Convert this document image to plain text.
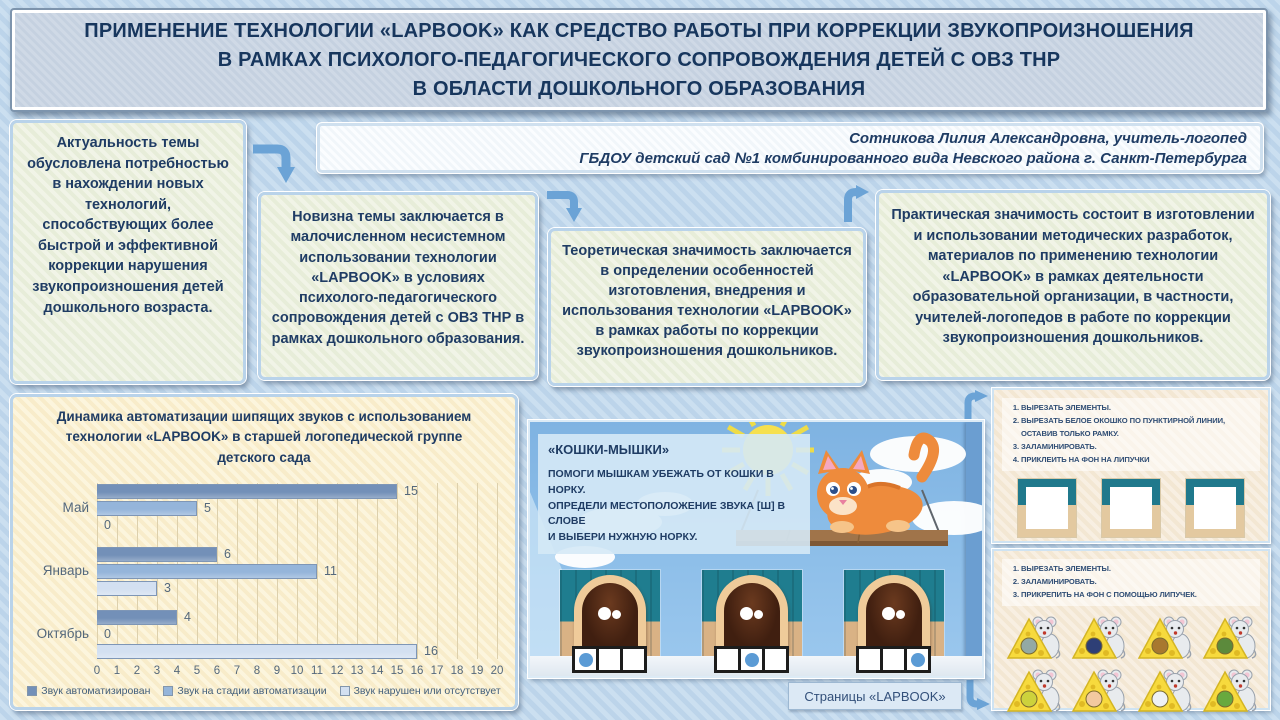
ПРИМЕНЕНИЕ ТЕХНОЛОГИИ «LAPBOOK» КАК СРЕДСТВО РАБОТЫ ПРИ КОРРЕКЦИИ ЗВУКОПРОИЗНОШЕНИЯ
В РАМКАХ ПСИХОЛОГО-ПЕДАГОГИЧЕСКОГО СОПРОВОЖДЕНИЯ ДЕТЕЙ С ОВЗ ТНР
В ОБЛАСТИ ДОШКОЛЬНОГО ОБРАЗОВАНИЯ
Актуальность темы обусловлена потребностью в нахождении новых технологий, способствующих более быстрой и эффективной коррекции нарушения звукопроизношения детей дошкольного возраста.
Сотникова Лилия Александровна, учитель-логопед
ГБДОУ детский сад №1 комбинированного вида Невского района г. Санкт-Петербурга
Новизна темы заключается в малочисленном несистемном использовании технологии «LAPBOOK» в условиях психолого-педагогического сопровождения детей с ОВЗ ТНР в рамках дошкольного образования.
Теоретическая значимость заключается в определении особенностей изготовления, внедрения и использования технологии «LAPBOOK» в рамках работы по коррекции звукопроизношения дошкольников.
Практическая значимость состоит в изготовлении и использовании методических разработок, материалов по применению технологии «LAPBOOK» в рамках деятельности образовательной организации, в частности, учителей-логопедов в работе по коррекции звукопроизношения дошкольников.
Динамика автоматизации шипящих звуков с использованием технологии «LAPBOOK» в старшей логопедической группе детского сада
Май
15
5
0
Январь
6
11
3
Октябрь
4
0
16
0 1 2 3 4 5 6 7 8 9 10 11 12 13 14 15 16 17 18 19 20
Звук автоматизирован	Звук на стадии автоматизации	Звук нарушен или отсутствует
«КОШКИ-МЫШКИ»
ПОМОГИ МЫШКАМ УБЕЖАТЬ ОТ КОШКИ В НОРКУ.
ОПРЕДЕЛИ МЕСТОПОЛОЖЕНИЕ ЗВУКА [Ш] В СЛОВЕ
И ВЫБЕРИ НУЖНУЮ НОРКУ.
1. ВЫРЕЗАТЬ ЭЛЕМЕНТЫ.
2. ВЫРЕЗАТЬ БЕЛОЕ ОКОШКО ПО ПУНКТИРНОЙ ЛИНИИ, ОСТАВИВ ТОЛЬКО РАМКУ.
3. ЗАЛАМИНИРОВАТЬ.
4. ПРИКЛЕИТЬ НА ФОН НА ЛИПУЧКИ
1. ВЫРЕЗАТЬ ЭЛЕМЕНТЫ.
2. ЗАЛАМИНИРОВАТЬ.
3. ПРИКРЕПИТЬ НА ФОН С ПОМОЩЬЮ ЛИПУЧЕК.
Страницы «LAPBOOK»
